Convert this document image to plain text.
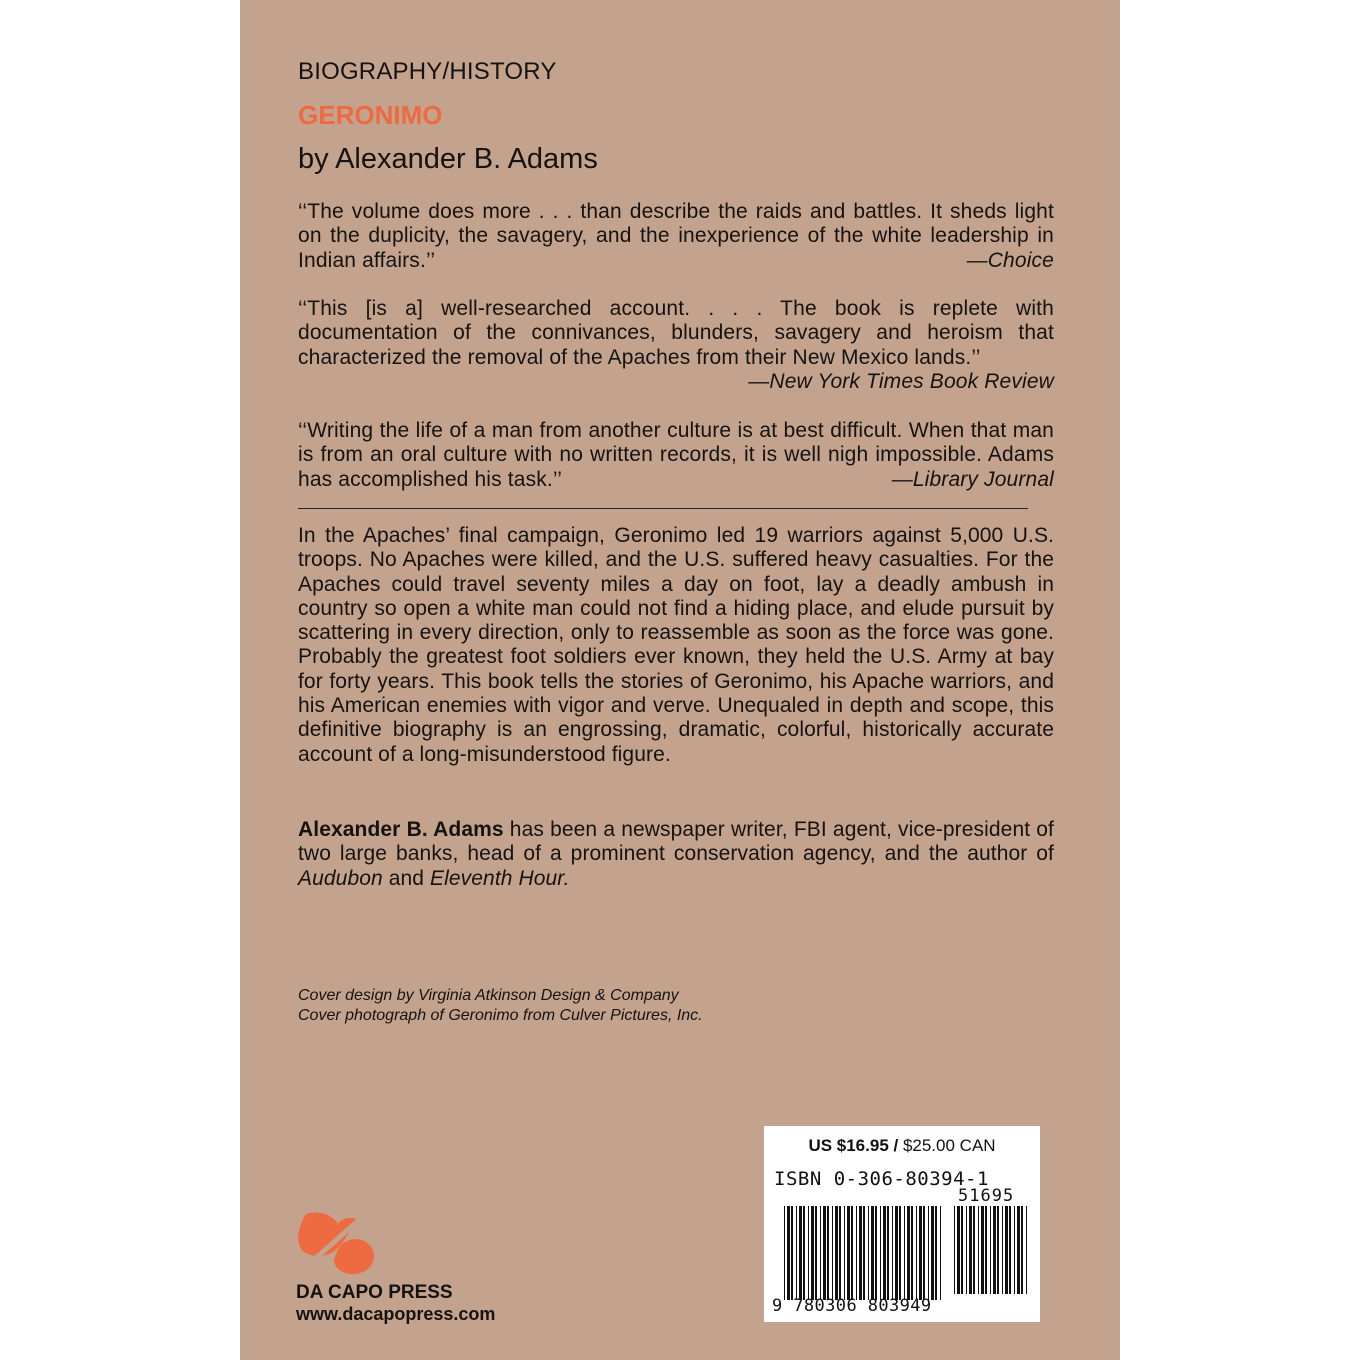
BIOGRAPHY/HISTORY
GERONIMO
by Alexander B. Adams
‘‘The volume does more . . . than describe the raids and battles. It sheds light on the duplicity, the savagery, and the inexperience of the white leadership in Indian affairs.’’	—Choice
‘‘This [is a] well-researched account. . . . The book is replete with documentation of the connivances, blunders, savagery and heroism that characterized the removal of the Apaches from their New Mexico lands.’’
—New York Times Book Review
‘‘Writing the life of a man from another culture is at best difficult. When that man is from an oral culture with no written records, it is well nigh impossible. Adams has accomplished his task.’’	—Library Journal
In the Apaches’ final campaign, Geronimo led 19 warriors against 5,000 U.S. troops. No Apaches were killed, and the U.S. suffered heavy casualties. For the Apaches could travel seventy miles a day on foot, lay a deadly ambush in country so open a white man could not find a hiding place, and elude pursuit by scattering in every direction, only to reassemble as soon as the force was gone. Probably the greatest foot soldiers ever known, they held the U.S. Army at bay for forty years. This book tells the stories of Geronimo, his Apache warriors, and his American enemies with vigor and verve. Unequaled in depth and scope, this definitive biography is an engrossing, dramatic, colorful, historically accurate account of a long-misunderstood figure.
Alexander B. Adams has been a newspaper writer, FBI agent, vice-president of two large banks, head of a prominent conservation agency, and the author of Audubon and Eleventh Hour.
Cover design by Virginia Atkinson Design & Company
Cover photograph of Geronimo from Culver Pictures, Inc.
DA CAPO PRESS
www.dacapopress.com
US $16.95 / $25.00 CAN
ISBN 0-306-80394-1
51695
9 780306 803949
